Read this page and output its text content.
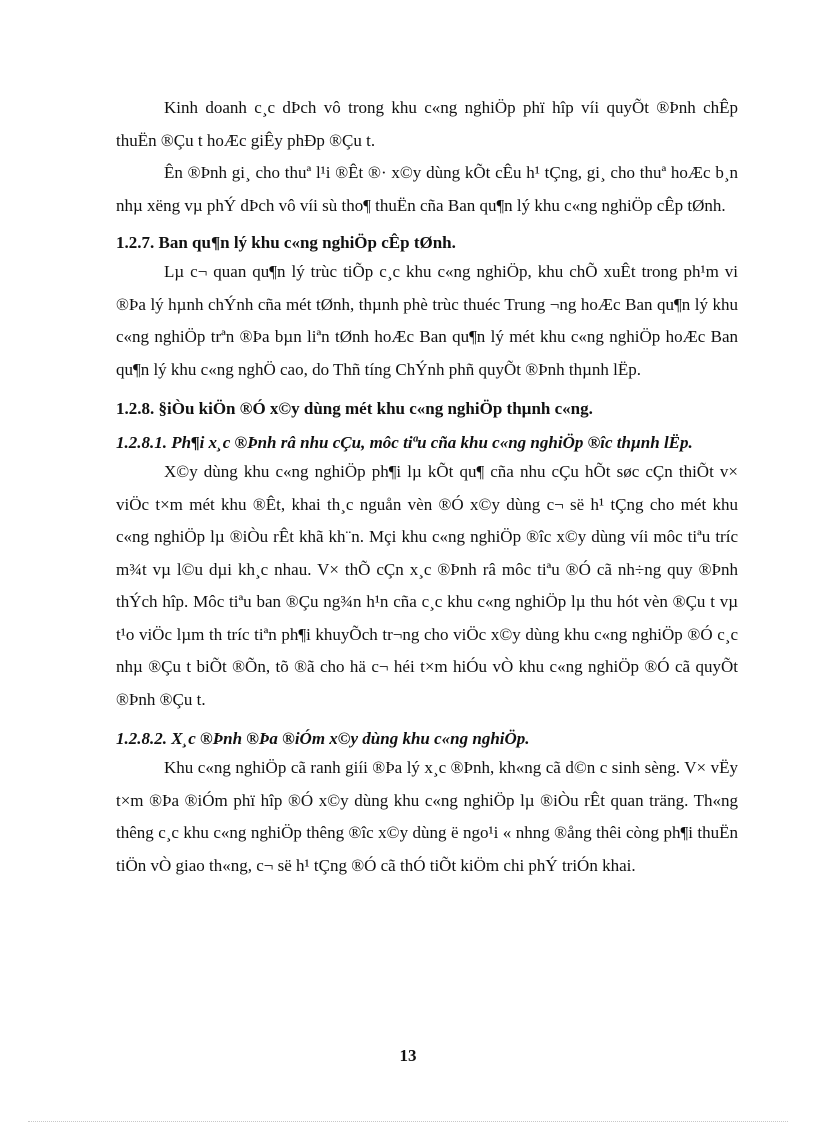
Kinh doanh c¸c dÞch vô trong khu c«ng nghiÖp phï hîp víi quyÕt ®Þnh chÊp thuËn ®Çu t hoÆc giÊy phÐp ®Çu t.

Ên ®Þnh gi¸ cho thuª l¹i ®Êt ®· x©y dùng kÕt cÊu h¹ tÇng, gi¸ cho thuª hoÆc b¸n nhµ xëng vµ phÝ dÞch vô víi sù tho¶ thuËn cña Ban qu¶n lý khu c«ng nghiÖp cÊp tØnh.

1.2.7. Ban qu¶n lý khu c«ng nghiÖp cÊp tØnh.

Lµ c¬ quan qu¶n lý trùc tiÕp c¸c khu c«ng nghiÖp, khu chÕ xuÊt trong ph¹m vi ®Þa lý hµnh chÝnh cña mét tØnh, thµnh phè trùc thuéc Trung ¬ng hoÆc Ban qu¶n lý khu c«ng nghiÖp trªn ®Þa bµn liªn tØnh hoÆc Ban qu¶n lý mét khu c«ng nghiÖp hoÆc Ban qu¶n lý khu c«ng nghÖ cao, do Thñ tíng ChÝnh phñ quyÕt ®Þnh thµnh lËp.

1.2.8. §iÒu kiÖn ®Ó x©y dùng mét khu c«ng nghiÖp thµnh c«ng.

1.2.8.1. Ph¶i x¸c ®Þnh râ nhu cÇu, môc tiªu cña khu c«ng nghiÖp ®îc thµnh lËp.

X©y dùng khu c«ng nghiÖp ph¶i lµ kÕt qu¶ cña nhu cÇu hÕt søc cÇn thiÕt v× viÖc t×m mét khu ®Êt, khai th¸c nguån vèn ®Ó x©y dùng c¬ së h¹ tÇng cho mét khu c«ng nghiÖp lµ ®iÒu rÊt khã kh¨n. Mçi khu c«ng nghiÖp ®îc x©y dùng víi môc tiªu tríc m¾t vµ l©u dµi kh¸c nhau. V× thÕ cÇn x¸c ®Þnh râ môc tiªu ®Ó cã nh÷ng quy ®Þnh thÝch hîp. Môc tiªu ban ®Çu ng¾n h¹n cña c¸c khu c«ng nghiÖp lµ thu hót vèn ®Çu t vµ t¹o viÖc lµm th tríc tiªn ph¶i khuyÕch tr¬ng cho viÖc x©y dùng khu c«ng nghiÖp ®Ó c¸c nhµ ®Çu t biÕt ®Õn, tõ ®ã cho hä c¬ héi t×m hiÓu vÒ khu c«ng nghiÖp ®Ó cã quyÕt ®Þnh ®Çu t.

1.2.8.2. X¸c ®Þnh ®Þa ®iÓm x©y dùng khu c«ng nghiÖp.

Khu c«ng nghiÖp cã ranh giíi ®Þa lý x¸c ®Þnh, kh«ng cã d©n c sinh sèng. V× vËy t×m ®Þa ®iÓm phï hîp ®Ó x©y dùng khu c«ng nghiÖp lµ ®iÒu rÊt quan träng. Th«ng thêng c¸c khu c«ng nghiÖp thêng ®îc x©y dùng ë ngo¹i « nhng ®ång thêi còng ph¶i thuËn tiÖn vÒ giao th«ng, c¬ së h¹ tÇng ®Ó cã thÓ tiÕt kiÖm chi phÝ triÓn khai.

13
